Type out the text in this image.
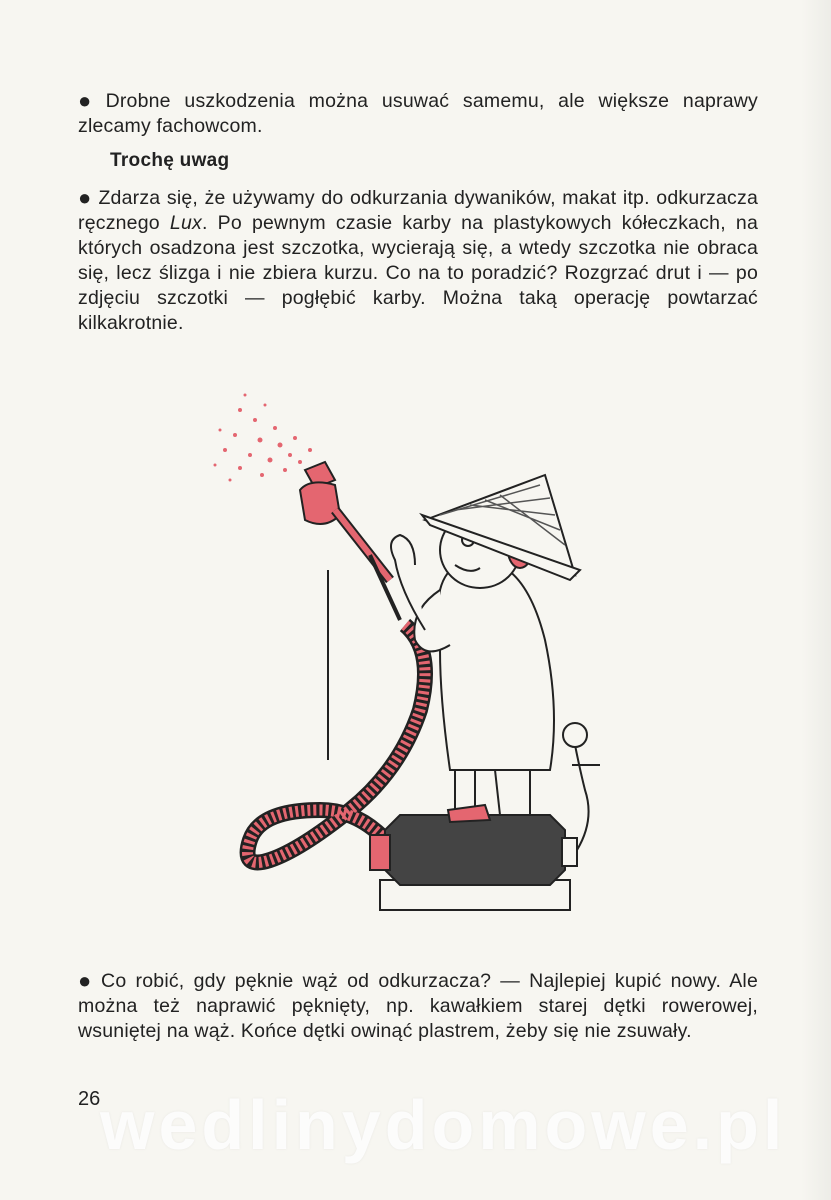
● Drobne uszkodzenia można usuwać samemu, ale większe naprawy zlecamy fachowcom.
Trochę uwag
● Zdarza się, że używamy do odkurzania dywaników, makat itp. odkurzacza ręcznego Lux. Po pewnym czasie karby na plastykowych kółeczkach, na których osadzona jest szczotka, wycierają się, a wtedy szczotka nie obraca się, lecz ślizga i nie zbiera kurzu. Co na to poradzić? Rozgrzać drut i — po zdjęciu szczotki — pogłębić karby. Można taką operację powtarzać kilkakrotnie.
● Co robić, gdy pęknie wąż od odkurzacza? — Najlepiej kupić nowy. Ale można też naprawić pęknięty, np. kawałkiem starej dętki rowerowej, wsuniętej na wąż. Końce dętki owinąć plastrem, żeby się nie zsuwały.
26 wedlinydomowe.pl
